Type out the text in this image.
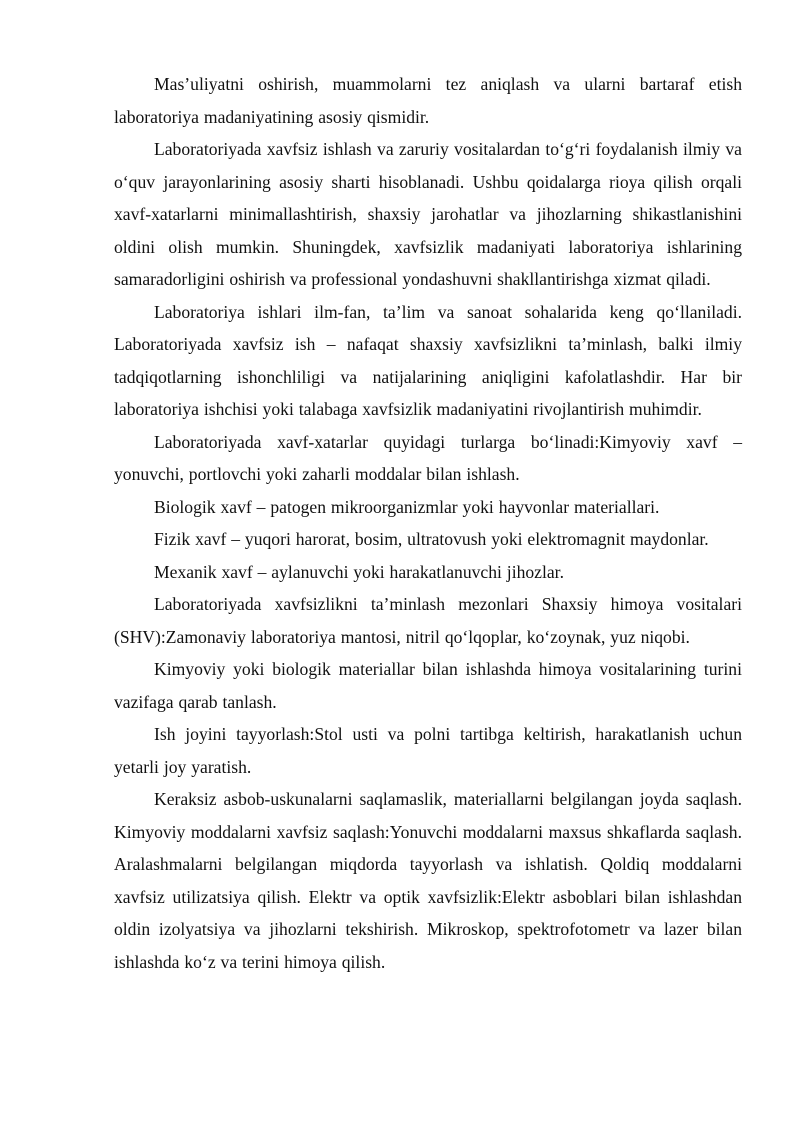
Mas’uliyatni oshirish, muammolarni tez aniqlash va ularni bartaraf etish laboratoriya madaniyatining asosiy qismidir.

Laboratoriyada xavfsiz ishlash va zaruriy vositalardan to‘g‘ri foydalanish ilmiy va o‘quv jarayonlarining asosiy sharti hisoblanadi. Ushbu qoidalarga rioya qilish orqali xavf-xatarlarni minimallashtirish, shaxsiy jarohatlar va jihozlarning shikastlanishini oldini olish mumkin. Shuningdek, xavfsizlik madaniyati laboratoriya ishlarining samaradorligini oshirish va professional yondashuvni shakllantirishga xizmat qiladi.

Laboratoriya ishlari ilm-fan, ta’lim va sanoat sohalarida keng qo‘llaniladi. Laboratoriyada xavfsiz ish – nafaqat shaxsiy xavfsizlikni ta’minlash, balki ilmiy tadqiqotlarning ishonchliligi va natijalarining aniqligini kafolatlashdir. Har bir laboratoriya ishchisi yoki talabaga xavfsizlik madaniyatini rivojlantirish muhimdir.

Laboratoriyada xavf-xatarlar quyidagi turlarga bo‘linadi:Kimyoviy xavf – yonuvchi, portlovchi yoki zaharli moddalar bilan ishlash.

Biologik xavf – patogen mikroorganizmlar yoki hayvonlar materiallari.

Fizik xavf – yuqori harorat, bosim, ultratovush yoki elektromagnit maydonlar.

Mexanik xavf – aylanuvchi yoki harakatlanuvchi jihozlar.

Laboratoriyada xavfsizlikni ta’minlash mezonlari Shaxsiy himoya vositalari (SHV):Zamonaviy laboratoriya mantosi, nitril qo‘lqoplar, ko‘zoynak, yuz niqobi.

Kimyoviy yoki biologik materiallar bilan ishlashda himoya vositalarining turini vazifaga qarab tanlash.

Ish joyini tayyorlash:Stol usti va polni tartibga keltirish, harakatlanish uchun yetarli joy yaratish.

Keraksiz asbob-uskunalarni saqlamaslik, materiallarni belgilangan joyda saqlash. Kimyoviy moddalarni xavfsiz saqlash:Yonuvchi moddalarni maxsus shkaflarda saqlash. Aralashmalarni belgilangan miqdorda tayyorlash va ishlatish. Qoldiq moddalarni xavfsiz utilizatsiya qilish. Elektr va optik xavfsizlik:Elektr asboblari bilan ishlashdan oldin izolyatsiya va jihozlarni tekshirish. Mikroskop, spektrofotometr va lazer bilan ishlashda ko‘z va terini himoya qilish.
